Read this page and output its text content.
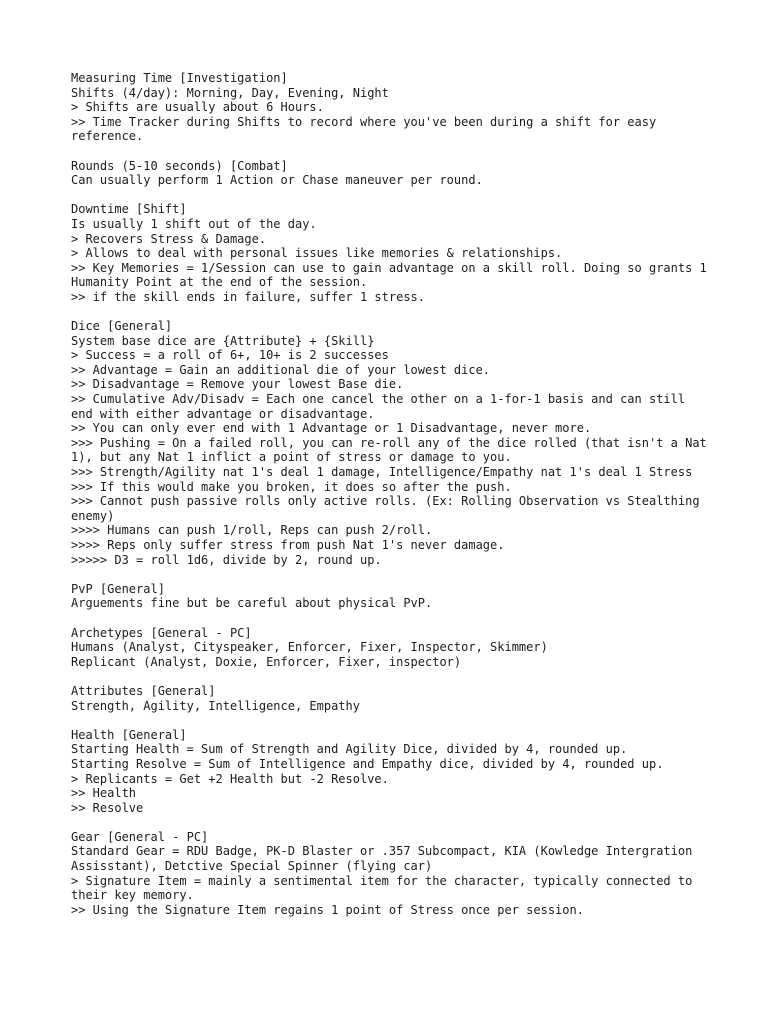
Measuring Time [Investigation]
Shifts (4/day): Morning, Day, Evening, Night
> Shifts are usually about 6 Hours.
>> Time Tracker during Shifts to record where you've been during a shift for easy reference.
Rounds (5-10 seconds) [Combat]
Can usually perform 1 Action or Chase maneuver per round.
Downtime [Shift]
Is usually 1 shift out of the day.
> Recovers Stress & Damage.
> Allows to deal with personal issues like memories & relationships.
>> Key Memories = 1/Session can use to gain advantage on a skill roll. Doing so grants 1 Humanity Point at the end of the session.
>> if the skill ends in failure, suffer 1 stress.
Dice [General]
System base dice are {Attribute} + {Skill}
> Success = a roll of 6+, 10+ is 2 successes
>> Advantage = Gain an additional die of your lowest dice.
>> Disadvantage = Remove your lowest Base die.
>> Cumulative Adv/Disadv = Each one cancel the other on a 1-for-1 basis and can still end with either advantage or disadvantage.
>> You can only ever end with 1 Advantage or 1 Disadvantage, never more.
>>> Pushing = On a failed roll, you can re-roll any of the dice rolled (that isn't a Nat 1), but any Nat 1 inflict a point of stress or damage to you.
>>> Strength/Agility nat 1's deal 1 damage, Intelligence/Empathy nat 1's deal 1 Stress
>>> If this would make you broken, it does so after the push.
>>> Cannot push passive rolls only active rolls. (Ex: Rolling Observation vs Stealthing enemy)
>>>> Humans can push 1/roll, Reps can push 2/roll.
>>>> Reps only suffer stress from push Nat 1's never damage.
>>>>> D3 = roll 1d6, divide by 2, round up.
PvP [General]
Arguements fine but be careful about physical PvP.
Archetypes [General - PC]
Humans (Analyst, Cityspeaker, Enforcer, Fixer, Inspector, Skimmer)
Replicant (Analyst, Doxie, Enforcer, Fixer, inspector)
Attributes [General]
Strength, Agility, Intelligence, Empathy
Health [General]
Starting Health = Sum of Strength and Agility Dice, divided by 4, rounded up.
Starting Resolve = Sum of Intelligence and Empathy dice, divided by 4, rounded up.
> Replicants = Get +2 Health but -2 Resolve.
>> Health
>> Resolve
Gear [General - PC]
Standard Gear = RDU Badge, PK-D Blaster or .357 Subcompact, KIA (Kowledge Intergration Assisstant), Detctive Special Spinner (flying car)
> Signature Item = mainly a sentimental item for the character, typically connected to their key memory.
>> Using the Signature Item regains 1 point of Stress once per session.
